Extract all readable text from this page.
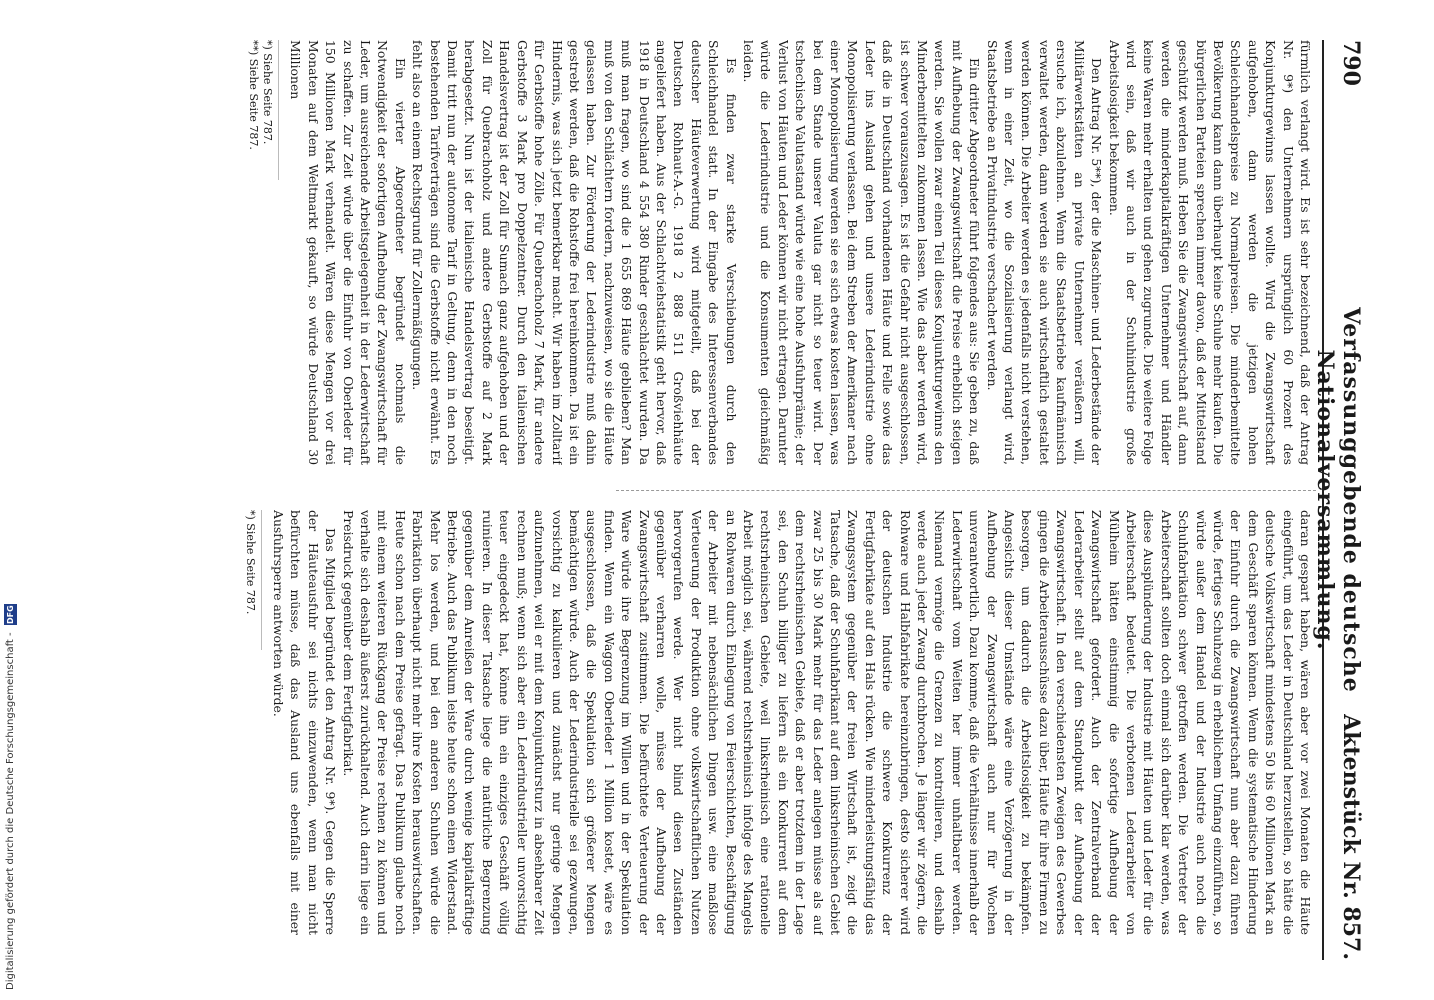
790
Verfassunggebende deutsche Nationalversammlung.
Aktenstück Nr. 857.

fürmlich verlangt wird. Es ist sehr bezeichnend, daß der Antrag Nr. 9*) den Unternehmern ursprünglich 60 Prozent des Konjunkturgewinns lassen wollte. Wird die Zwangswirtschaft aufgehoben, dann werden die jetzigen hohen Schleichhandelspreise zu Normalpreisen. Die minderbemittelte Bevölkerung kann dann überhaupt keine Schuhe mehr kaufen. Die bürgerlichen Parteien sprechen immer davon, daß der Mittelstand geschützt werden muß. Heben Sie die Zwangswirtschaft auf, dann werden die minderkapitalkräftigen Unternehmer und Händler keine Waren mehr erhalten und gehen zugrunde. Die weitere Folge wird sein, daß wir auch in der Schuhindustrie große Arbeitslosigkeit bekommen.

Den Antrag Nr. 5**), der die Maschinen- und Lederbestände der Militärwerkstätten an private Unternehmer veräußern will, ersuche ich, abzulehnen. Wenn die Staatsbetriebe kaufmännisch verwaltet werden, dann werden sie auch wirtschaftlich gestaltet werden können. Die Arbeiter werden es jedenfalls nicht verstehen, wenn in einer Zeit, wo die Sozialisierung verlangt wird, Staatsbetriebe an Privatindustrie verschachert werden.

Ein dritter Abgeordneter führt folgendes aus: Sie geben zu, daß mit Aufhebung der Zwangswirtschaft die Preise erheblich steigen werden. Sie wollen zwar einen Teil dieses Konjunkturgewinns den Minderbemittelten zukommen lassen. Wie das aber werden wird, ist schwer vorauszusagen. Es ist die Gefahr nicht ausgeschlossen, daß die in Deutschland vorhandenen Häute und Felle sowie das Leder ins Ausland gehen und unsere Lederindustrie ohne Monopolisierung verlassen. Bei dem Streben der Amerikaner nach einer Monopolisierung werden sie es sich etwas kosten lassen, was bei dem Stande unserer Valuta gar nicht so teuer wird. Der tschechische Valutastand würde wie eine hohe Ausfuhrprämie; der Verlust von Häuten und Leder können wir nicht ertragen. Darunter würde die Lederindustrie und die Konsumenten gleichmäßig leiden.

Es finden zwar starke Verschiebungen durch den Schleichhandel statt. In der Eingabe des Interessenverbandes deutscher Häuteverwertung wird mitgeteilt, daß bei der Deutschen Rohhaut-A.-G. 1918 2 888 511 Großviehhäute angeliefert haben. Aus der Schlachtviehstatistik geht hervor, daß 1918 in Deutschland 4 554 380 Rinder geschlachtet wurden. Da muß man fragen, wo sind die 1 655 869 Häute geblieben? Man muß von den Schlächtern fordern, nachzuweisen, wo sie die Häute gelassen haben. Zur Förderung der Lederindustrie muß dahin gestrebt werden, daß die Rohstoffe frei hereinkommen. Da ist ein Hindernis, was sich jetzt bemerkbar macht. Wir haben im Zolltarif für Gerbstoffe hohe Zölle. Für Quebrachoholz 7 Mark, für andere Gerbstoffe 3 Mark pro Doppelzentner. Durch den italienischen Handelsvertrag ist der Zoll für Sumach ganz aufgehoben und der Zoll für Quebrachoholz und andere Gerbstoffe auf 2 Mark herabgesetzt. Nun ist der italienische Handelsvertrag beseitigt. Damit tritt nun der autonome Tarif in Geltung, denn in den noch bestehenden Tarifverträgen sind die Gerbstoffe nicht erwähnt. Es fehlt also an einem Rechtsgrund für Zollermäßigungen.

Ein vierter Abgeordneter begründet nochmals die Notwendigkeit der sofortigen Aufhebung der Zwangswirtschaft für Leder, um ausreichende Arbeitsgelegenheit in der Lederwirtschaft zu schaffen. Zur Zeit würde über die Einfuhr von Oberleder für 150 Millionen Mark verhandelt. Wären diese Mengen vor drei Monaten auf dem Weltmarkt gekauft, so würde Deutschland 30 Millionen

*) Siehe Seite 787.

**) Siehe Seite 787.

daran gespart haben, wären aber vor zwei Monaten die Häute eingeführt, um das Leder in Deutschland herzustellen, so hätte die deutsche Volkswirtschaft mindestens 50 bis 60 Millionen Mark an dem Geschäft sparen können. Wenn die systematische Hinderung der Einfuhr durch die Zwangswirtschaft nun aber dazu führen würde, fertiges Schuhzeug in erheblichem Umfang einzuführen, so würde außer dem Handel und der Industrie auch noch die Schuhfabrikation schwer getroffen werden. Die Vertreter der Arbeiterschaft sollten doch einmal sich darüber klar werden, was diese Ausplünderung der Industrie mit Häuten und Leder für die Arbeiterschaft bedeutet. Die verbotenen Lederarbeiter von Mülheim hätten einstimmig die sofortige Aufhebung der Zwangswirtschaft gefordert. Auch der Zentralverband der Lederarbeiter stellt auf dem Standpunkt der Aufhebung der Zwangswirtschaft. In den verschiedensten Zweigen des Gewerbes gingen die Arbeiterausschüsse dazu über, Häute für ihre Firmen zu besorgen, um dadurch die Arbeitslosigkeit zu bekämpfen. Angesichts dieser Umstände wäre eine Verzögerung in der Aufhebung der Zwangswirtschaft auch nur für Wochen unverantwortlich. Dazu komme, daß die Verhältnisse innerhalb der Lederwirtschaft vom Weiten her immer unhaltbarer werden. Niemand vermöge die Grenzen zu kontrollieren, und deshalb werde auch jeder Zwang durchbrochen. Je länger wir zögern, die Rohware und Halbfabrikate hereinzubringen, desto sicherer wird der deutschen Industrie die schwere Konkurrenz der Fertigfabrikate auf den Hals rücken. Wie minderleistungsfähig das Zwangssystem gegenüber der freien Wirtschaft ist, zeigt die Tatsache, daß der Schuhfabrikant auf dem linksrheinischen Gebiet zwar 25 bis 30 Mark mehr für das Leder anlegen müsse als auf dem rechtsrheinischen Gebiete, daß er aber trotzdem in der Lage sei, den Schuh billiger zu liefern als ein Konkurrent auf dem rechtsrheinischen Gebiete, weil linksrheinisch eine rationelle Arbeit möglich sei, während rechtsrheinisch infolge des Mangels an Rohwaren durch Einlegung von Feierschichten, Beschäftigung der Arbeiter mit nebensächlichen Dingen usw. eine maßlose Verteuerung der Produktion ohne volkswirtschaftlichen Nutzen hervorgerufen werde. Wer nicht blind diesen Zuständen gegenüber verharren wolle, müsse der Aufhebung der Zwangswirtschaft zustimmen. Die befürchtete Verteuerung der Ware würde ihre Begrenzung im Willen und in der Spekulation finden. Wenn ein Waggon Oberleder 1 Million kostet, wäre es ausgeschlossen, daß die Spekulation sich größerer Mengen bemächtigen würde. Auch der Lederindustrielle sei gezwungen, vorsichtig zu kalkulieren und zunächst nur geringe Mengen aufzunehmen, weil er mit dem Konjunktursturz in absehbarer Zeit rechnen muß; wenn sich aber ein Lederindustrieller unvorsichtig teuer eingedeckt hat, könne ihn ein einziges Geschäft völlig ruinieren. In dieser Tatsache liege die natürliche Begrenzung gegenüber dem Anreißen der Ware durch wenige kapitalkräftige Betriebe. Auch das Publikum leiste heute schon einen Widerstand. Mehr los werden, und bei den anderen Schuhen würde die Fabrikation überhaupt nicht mehr ihre Kosten herauswirtschaften. Heute schon nach dem Preise gefragt. Das Publikum glaube noch mit einem weiteren Rückgang der Preise rechnen zu können und verhalte sich deshalb äußerst zurückhaltend. Auch darin liege ein Preisdruck gegenüber dem Fertigfabrikat.

Das Mitglied begründet den Antrag Nr. 9*). Gegen die Sperre der Häuteausfuhr sei nichts einzuwenden, wenn man nicht befürchten müsse, daß das Ausland uns ebenfalls mit einer Ausfuhrsperre antworten würde.

*) Siehe Seite 787.

Digitalisierung gefördert durch die Deutsche Forschungsgemeinschaft - DFG
